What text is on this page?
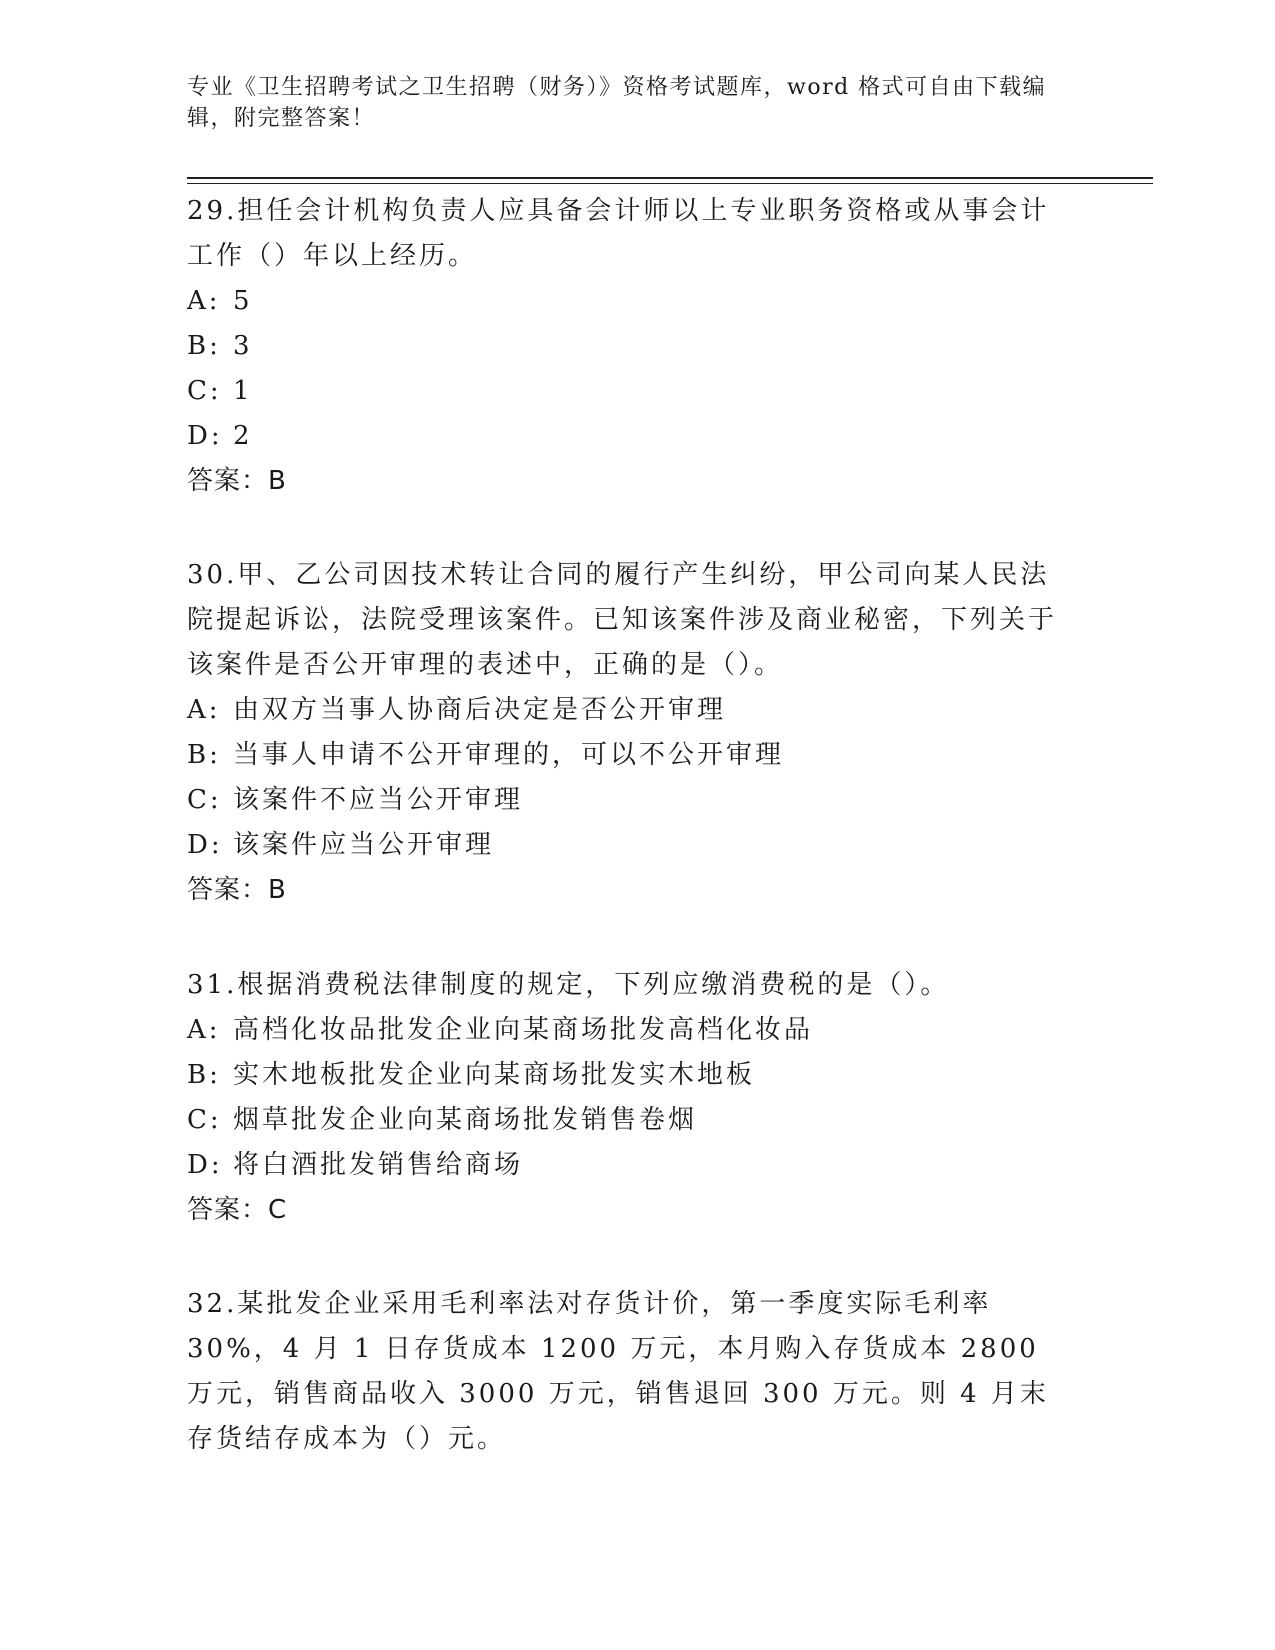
专业《卫生招聘考试之卫生招聘（财务）》资格考试题库，word 格式可自由下载编辑，附完整答案！

29.担任会计机构负责人应具备会计师以上专业职务资格或从事会计工作（）年以上经历。

A: 5

B: 3

C: 1

D: 2

答案：B

30.甲、乙公司因技术转让合同的履行产生纠纷，甲公司向某人民法院提起诉讼，法院受理该案件。已知该案件涉及商业秘密，下列关于该案件是否公开审理的表述中，正确的是（）。

A: 由双方当事人协商后决定是否公开审理

B: 当事人申请不公开审理的，可以不公开审理

C: 该案件不应当公开审理

D: 该案件应当公开审理

答案：B

31.根据消费税法律制度的规定，下列应缴消费税的是（）。

A: 高档化妆品批发企业向某商场批发高档化妆品

B: 实木地板批发企业向某商场批发实木地板

C: 烟草批发企业向某商场批发销售卷烟

D: 将白酒批发销售给商场

答案：C

32.某批发企业采用毛利率法对存货计价，第一季度实际毛利率 30%，4 月 1 日存货成本 1200 万元，本月购入存货成本 2800 万元，销售商品收入 3000 万元，销售退回 300 万元。则 4 月末存货结存成本为（）元。
